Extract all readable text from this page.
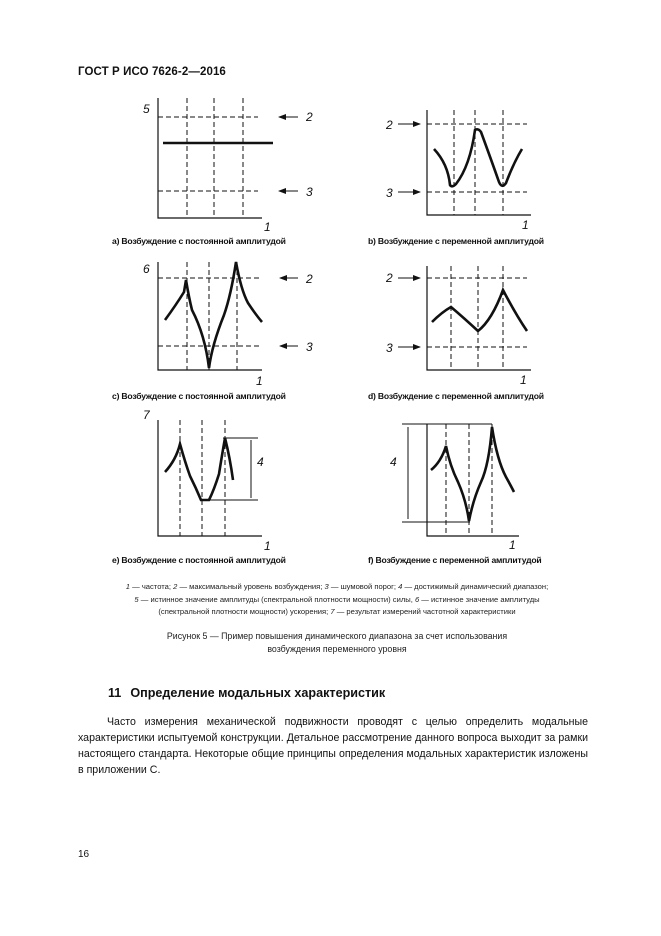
ГОСТ Р ИСО 7626-2—2016
5
2
3
1
2
3
1
6
2
3
1
2
3
1
7
4
1
4
1
a) Возбуждение с постоянной амплитудой	b) Возбуждение с переменной амплитудой
c) Возбуждение с постоянной амплитудой	d) Возбуждение с переменной амплитудой
e) Возбуждение с постоянной амплитудой	f) Возбуждение с переменной амплитудой
1 — частота; 2 — максимальный уровень возбуждения; 3 — шумовой порог; 4 — достижимый динамический диапазон;
5 — истинное значение амплитуды (спектральной плотности мощности) силы, 6 — истинное значение амплитуды
(спектральной плотности мощности) ускорения; 7 — результат измерений частотной характеристики
Рисунок 5 — Пример повышения динамического диапазона за счет использования
возбуждения переменного уровня
11 Определение модальных характеристик
Часто измерения механической подвижности проводят с целью определить модальные характеристики испытуемой конструкции. Детальное рассмотрение данного вопроса выходит за рамки настоящего стандарта. Некоторые общие принципы определения модальных характеристик изложены в приложении С.
16
